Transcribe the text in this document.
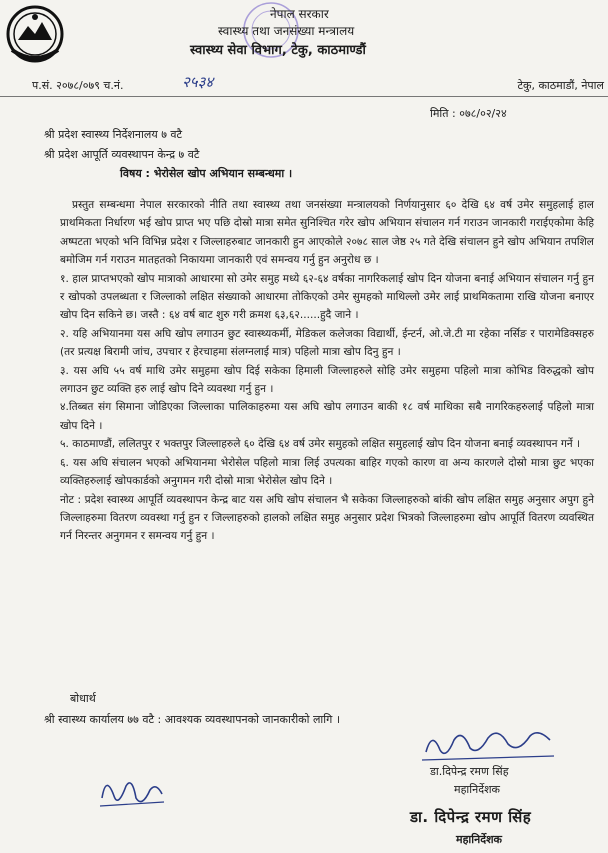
नेपाल सरकार
स्वास्थ्य तथा जनसंख्या मन्त्रालय
स्वास्थ्य सेवा विभाग, टेकु, काठमाण्डौं
प.सं. २०७८/०७९ च.नं.	२५३४	टेकु, काठमाडौं, नेपाल
मिति : ०७८/०२/२४
श्री प्रदेश स्वास्थ्य निर्देशनालय ७ वटै
श्री प्रदेश आपूर्ति व्यवस्थापन केन्द्र ७ वटै
विषय : भेरोसेल खोप अभियान सम्बन्धमा ।

प्रस्तुत सम्बन्धमा नेपाल सरकारको नीति तथा स्वास्थ्य तथा जनसंख्या मन्त्रालयको निर्णयानुसार ६० देखि ६४ वर्ष उमेर समुहलाई हाल प्राथमिकता निर्धारण भई खोप प्राप्त भए पछि दोस्रो मात्रा समेत सुनिश्चित गरेर खोप अभियान संचालन गर्न गराउन जानकारी गराईएकोमा केहि अष्पटता भएको भनि विभिन्न प्रदेश र जिल्लाहरुबाट जानकारी हुन आएकोले २०७८ साल जेष्ठ २५ गते देखि संचालन हुने खोप अभियान तपशिल बमोजिम गर्न गराउन मातहतको निकायमा जानकारी एवं समन्वय गर्नु हुन अनुरोध छ ।

१. हाल प्राप्तभएको खोप मात्राको आधारमा सो उमेर समुह मध्ये ६२-६४ वर्षका नागरिकलाई खोप दिन योजना बनाई अभियान संचालन गर्नु हुन र खोपको उपलब्धता र जिल्लाको लक्षित संख्याको आधारमा तोकिएको उमेर सुमहको माथिल्लो उमेर लाई प्राथमिकतामा राखि योजना बनाएर खोप दिन सकिने छ। जस्तै : ६४ वर्ष बाट शुरु गरी क्रमश ६३,६२......हुदै जाने ।

२. यहि अभियानमा यस अघि खोप लगाउन छुट स्वास्थ्यकर्मी, मेडिकल कलेजका विद्यार्थी, ईन्टर्न, ओ.जे.टी मा रहेका नर्सिङ र पारामेडिक्सहरु (तर प्रत्यक्ष बिरामी जांच, उपचार र हेरचाहमा संलग्नलाई मात्र) पहिलो मात्रा खोप दिनु हुन ।

३. यस अघि ५५ वर्ष माथि उमेर समुहमा खोप दिई सकेका हिमाली जिल्लाहरुले सोहि उमेर समुहमा पहिलो मात्रा कोभिड विरुद्धको खोप लगाउन छुट व्यक्ति हरु लाई खोप दिने व्यवस्था गर्नु हुन ।

४.तिब्बत संग सिमाना जोडिएका जिल्लाका पालिकाहरुमा यस अघि खोप लगाउन बाकी १८ वर्ष माथिका सबै नागरिकहरुलाई पहिलो मात्रा खोप दिने ।

५. काठमाण्डौं, ललितपुर र भक्तपुर जिल्लाहरुले ६० देखि ६४ वर्ष उमेर समुहको लक्षित समुहलाई खोप दिन योजना बनाई व्यवस्थापन गर्ने ।

६. यस अघि संचालन भएको अभियानमा भेरोसेल पहिलो मात्रा लिई उपत्यका बाहिर गएको कारण वा अन्य कारणले दोस्रो मात्रा छुट भएका व्यक्तिहरुलाई खोपकार्डको अनुगमन गरी दोस्रो मात्रा भेरोसेल खोप दिने ।

नोट : प्रदेश स्वास्थ्य आपूर्ति व्यवस्थापन केन्द्र बाट यस अघि खोप संचालन भै सकेका जिल्लाहरुको बांकी खोप लक्षित समुह अनुसार अपुग हुने जिल्लाहरुमा वितरण व्यवस्था गर्नु हुन र जिल्लाहरुको हालको लक्षित समुह अनुसार प्रदेश भित्रको जिल्लाहरुमा खोप आपूर्ति वितरण व्यवस्थित गर्न निरन्तर अनुगमन र समन्वय गर्नु हुन ।

बोधार्थ
श्री स्वास्थ्य कार्यालय ७७ वटै : आवश्यक व्यवस्थापनको जानकारीको लागि ।
डा.दिपेन्द्र रमण सिंह
महानिर्देशक
डा. दिपेन्द्र रमण सिंह
महानिर्देशक
